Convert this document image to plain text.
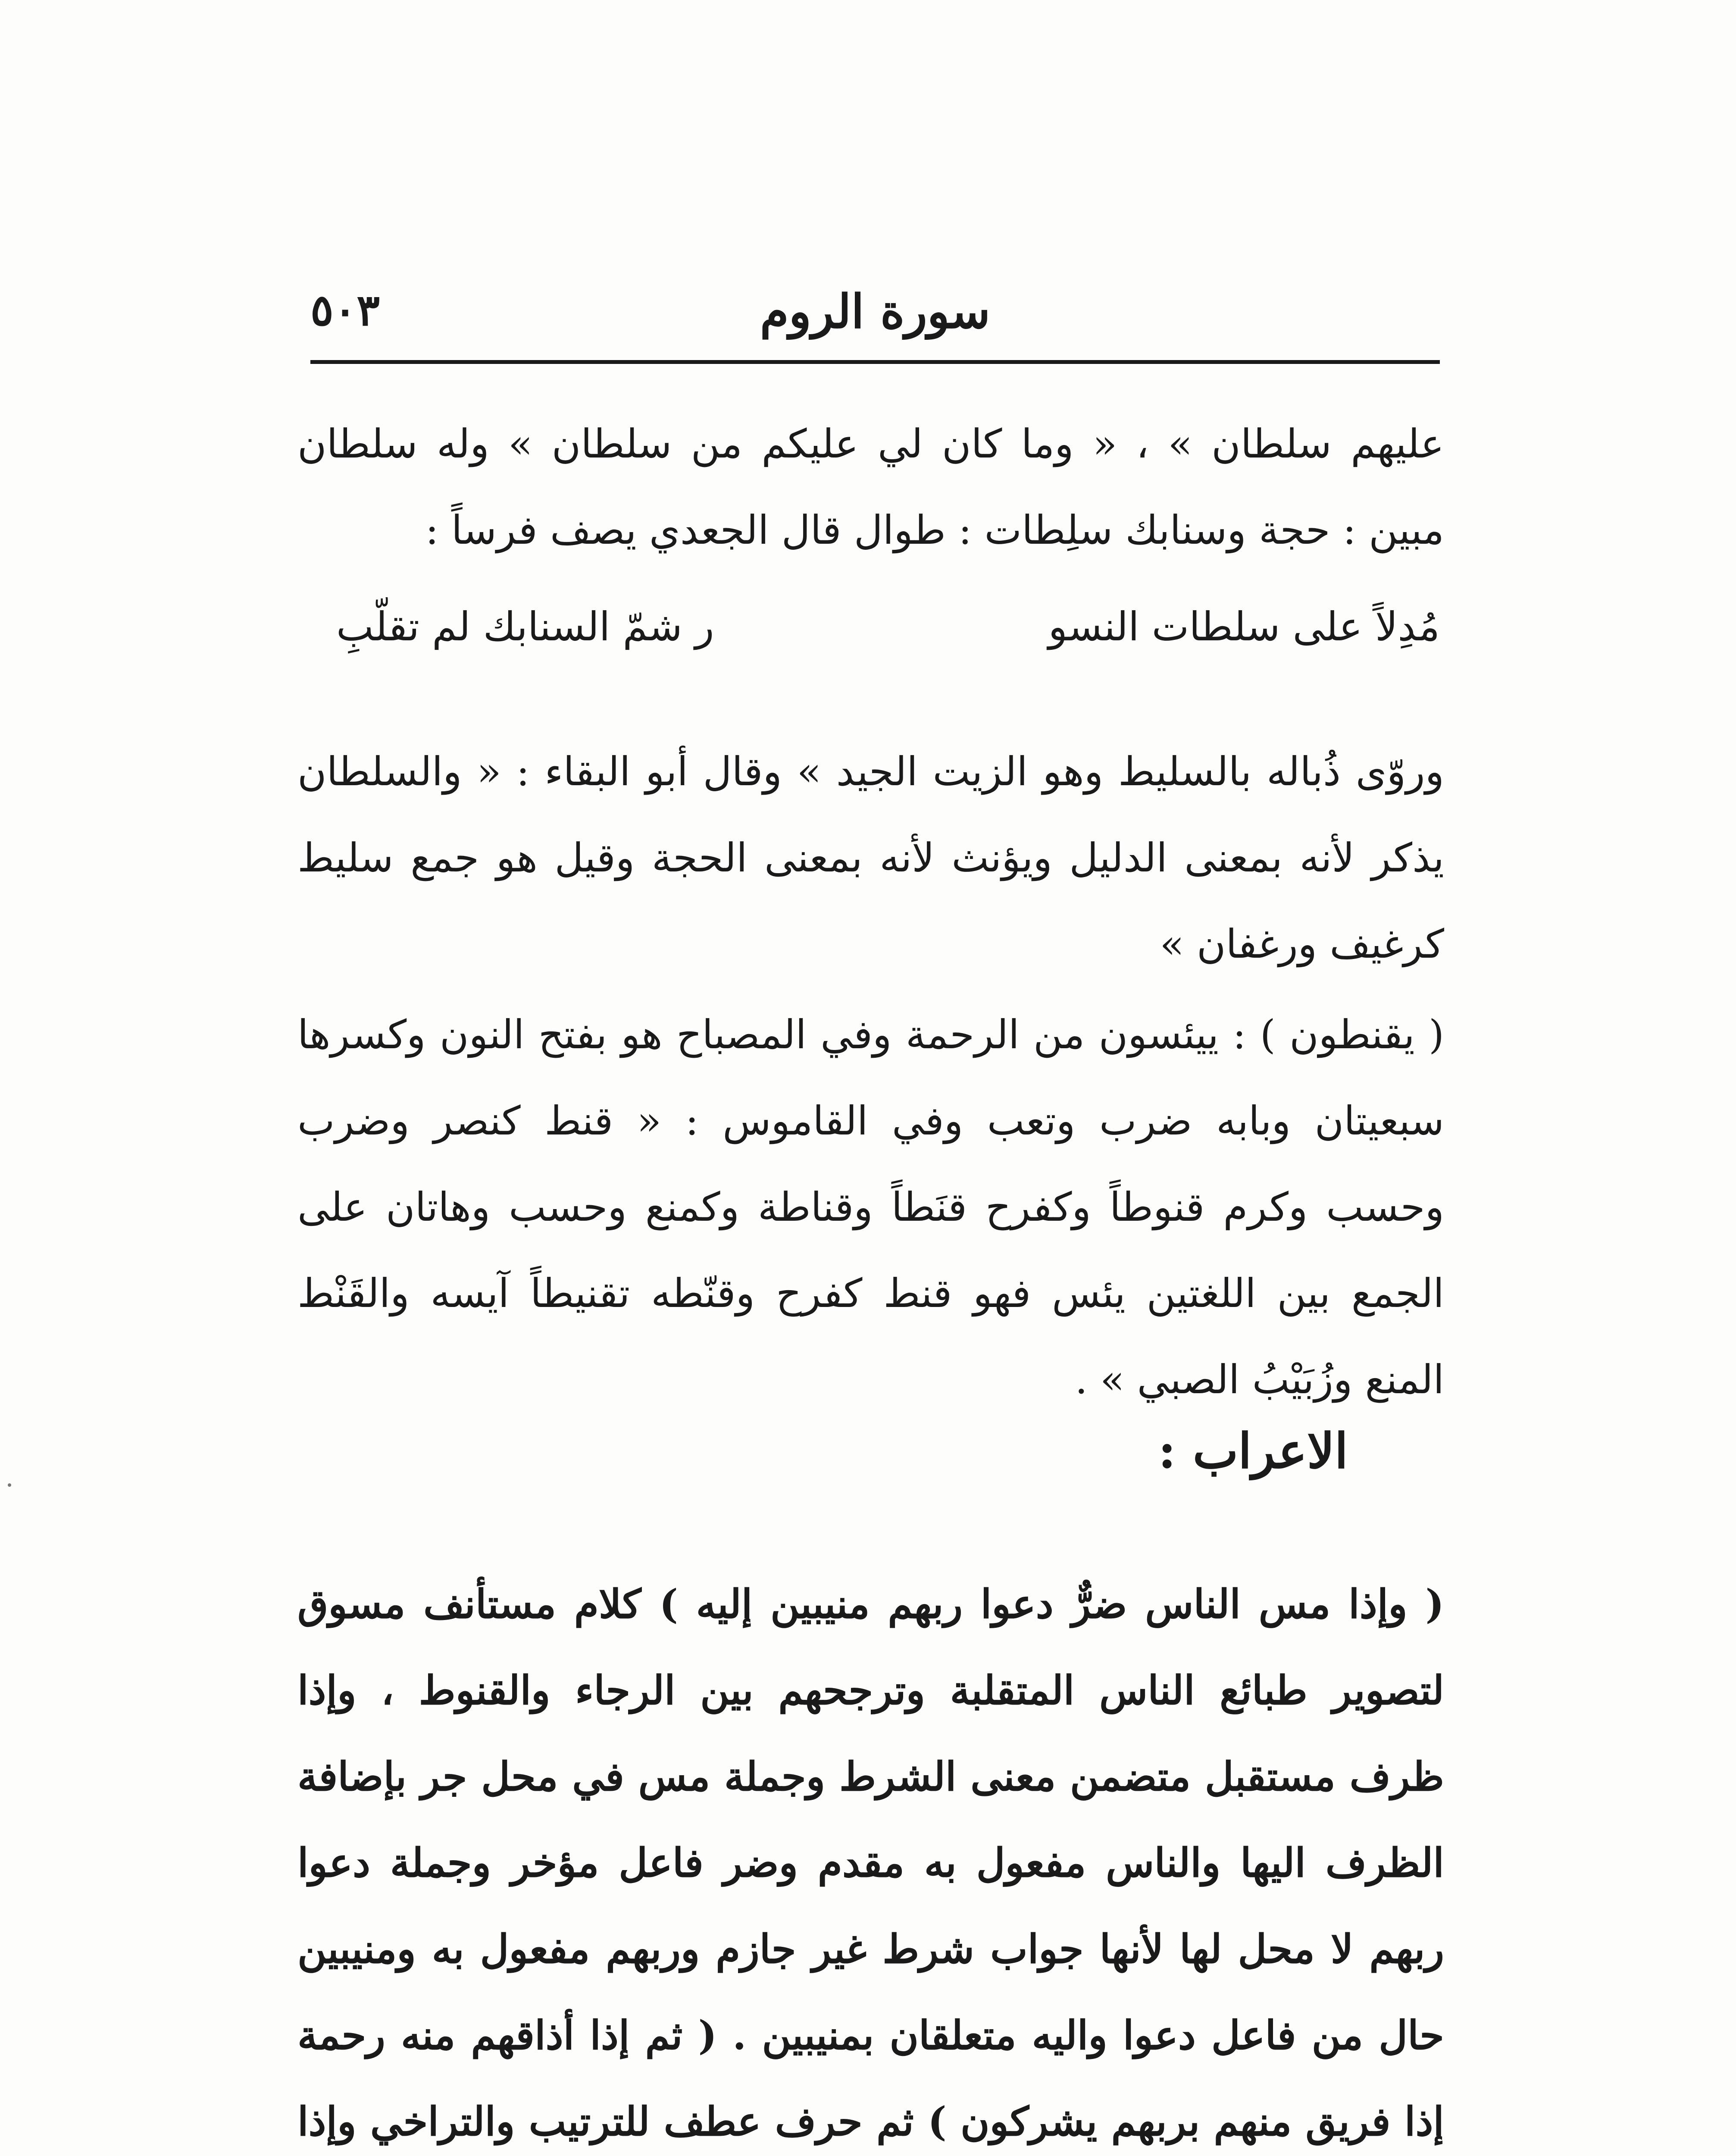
سورة الروم
٥٠٣
عليهم سلطان » ، « وما كان لي عليكم من سلطان » وله سلطان مبين : حجة وسنابك سلِطات : طوال قال الجعدي يصف فرساً :
مُدِلاً على سلطات النسو
ر شمّ السنابك لم تقلّبِ
وروّى ذُباله بالسليط وهو الزيت الجيد » وقال أبو البقاء : « والسلطان يذكر لأنه بمعنى الدليل ويؤنث لأنه بمعنى الحجة وقيل هو جمع سليط كرغيف ورغفان »
( يقنطون ) : ييئسون من الرحمة وفي المصباح هو بفتح النون وكسرها سبعيتان وبابه ضرب وتعب وفي القاموس : « قنط كنصر وضرب وحسب وكرم قنوطاً وكفرح قنَطاً وقناطة وكمنع وحسب وهاتان على الجمع بين اللغتين يئس فهو قنط كفرح وقنّطه تقنيطاً آيسه والقَنْط المنع وزُبَيْبُ الصبي » .
الاعراب :
( وإذا مس الناس ضرٌّ دعوا ربهم منيبين إليه ) كلام مستأنف مسوق لتصوير طبائع الناس المتقلبة وترجحهم بين الرجاء والقنوط ، وإذا ظرف مستقبل متضمن معنى الشرط وجملة مس في محل جر بإضافة الظرف اليها والناس مفعول به مقدم وضر فاعل مؤخر وجملة دعوا ربهم لا محل لها لأنها جواب شرط غير جازم وربهم مفعول به ومنيبين حال من فاعل دعوا واليه متعلقان بمنيبين . ( ثم إذا أذاقهم منه رحمة إذا فريق منهم بربهم يشركون ) ثم حرف عطف للترتيب والتراخي وإذا
